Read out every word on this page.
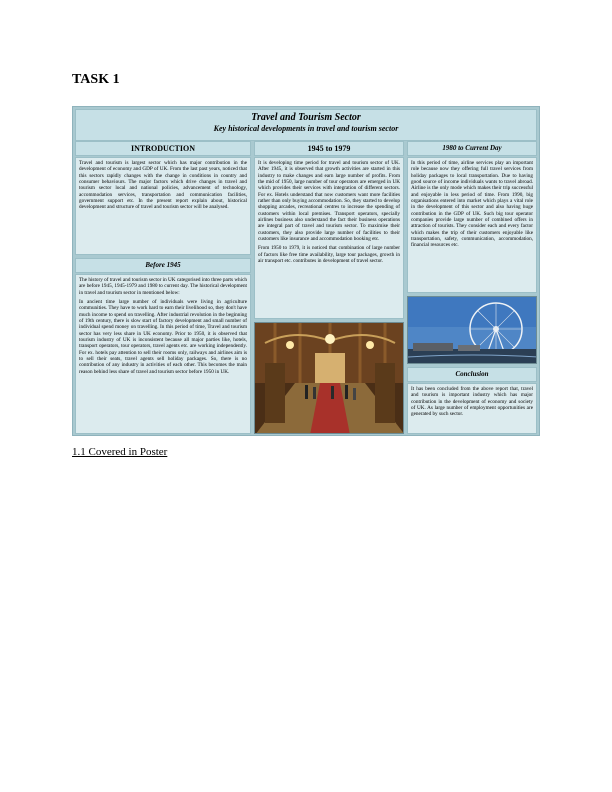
TASK 1
Travel and Tourism Sector
Key historical developments in travel and tourism sector
INTRODUCTION

Travel and tourism is largest sector which has major contribution in the development of economy and GDP of UK. From the last past years, noticed that this sectors rapidly changes with the change in conditions in country and consumer behaviours. The major factors which drive changes in travel and tourism sector local and national policies, advancement of technology, accommodation services, transportation and communication facilities, government support etc. In the present report explain about, historical development and structure of travel and tourism sector will be analysed.

Before 1945

The history of travel and tourism sector in UK categorised into three parts which are before 1945, 1945-1979 and 1980 to current day. The historical development in travel and tourism sector in mentioned below:

In ancient time large number of individuals were living in agriculture communities. They have to work hard to earn their livelihood so, they don't have much income to spend on travelling. After industrial revolution in the beginning of 19th century, there is slow start of factory development and small number of individual spend money on travelling. In this period of time, Travel and tourism sector has very less share in UK economy. Prior to 1950, it is observed that tourism industry of UK is inconsistent because all major parties like, hotels, transport operators, tour operators, travel agents etc. are working independently. For ex. hotels pay attention to sell their rooms only, railways and airlines aim is to sell their seats, travel agents sell holiday packages. So, there is no contribution of any industry in activities of each other. This becomes the main reason behind less share of travel and tourism sector before 1950 in UK.

1945 to 1979

It is developing time period for travel and tourism sector of UK. After 1945, it is observed that growth activities are started in this industry to make changes and earn large number of profits. From the mid of 1950, large number of tour operators are emerged in UK which provides their services with integration of different sectors. For ex. Hotels understand that now customers want more facilities rather than only buying accommodation. So, they started to develop shopping arcades, recreational centres to increase the spending of customers within local premises. Transport operators, specially airlines business also understand the fact their business operations are integral part of travel and tourism sector. To maximise their customers, they also provide large number of facilities to their customers like insurance and accommodation booking etc.

From 1950 to 1979, it is noticed that combination of large number of factors like free time availability, large tour packages, growth in air transport etc. contributes in development of travel sector.

1980 to Current Day

In this period of time, airline services play an important role because now they offering full travel services from holiday packages to local transportation. Due to having good source of income individuals wants to travel abroad. Airline is the only mode which makes their trip successful and enjoyable in less period of time. From 1990, big organisations entered into market which plays a vital role in the development of this sector and also having huge contribution in the GDP of UK. Such big tour operator companies provide large number of combined offers in attraction of tourists. They consider each and every factor which makes the trip of their customers enjoyable like transportation, safety, communication, accommodation, financial resources etc.

Conclusion

It has been concluded from the above report that, travel and tourism is important industry which has major contribution in the development of economy and society of UK. As large number of employment opportunities are generated by such sector.

1.1 Covered in Poster
